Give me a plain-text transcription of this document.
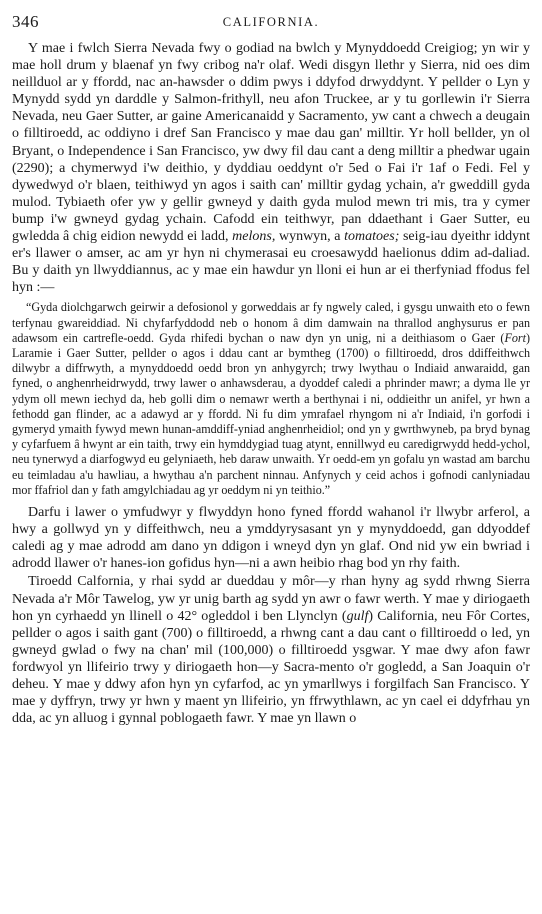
346	CALIFORNIA.

Y mae i fwlch Sierra Nevada fwy o godiad na bwlch y Mynyddoedd Creigiog; yn wir y mae holl drum y blaenaf yn fwy cribog na'r olaf. Wedi disgyn llethr y Sierra, nid oes dim neillduol ar y ffordd, nac an-hawsder o ddim pwys i ddyfod drwyddynt. Y pellder o Lyn y Mynydd sydd yn darddle y Salmon-frithyll, neu afon Truckee, ar y tu gorllewin i'r Sierra Nevada, neu Gaer Sutter, ar gaine Americanaidd y Sacramento, yw cant a chwech a deugain o filltiroedd, ac oddiyno i dref San Francisco y mae dau gan' milltir. Yr holl bellder, yn ol Bryant, o Independence i San Francisco, yw dwy fil dau cant a deng milltir a phedwar ugain (2290); a chymerwyd i'w deithio, y dyddiau oeddynt o'r 5ed o Fai i'r 1af o Fedi. Fel y dywedwyd o'r blaen, teithiwyd yn agos i saith can' milltir gydag ychain, a'r gweddill gyda mulod. Tybiaeth ofer yw y gellir gwneyd y daith gyda mulod mewn tri mis, tra y cymer bump i'w gwneyd gydag ychain. Cafodd ein teithwyr, pan ddaethant i Gaer Sutter, eu gwledda â chig eidion newydd ei ladd, melons, wynwyn, a tomatoes; seig-iau dyeithr iddynt er's llawer o amser, ac am yr hyn ni chymerasai eu croesawydd haelionus ddim ad-daliad. Bu y daith yn llwyddiannus, ac y mae ein hawdur yn lloni ei hun ar ei therfyniad ffodus fel hyn :—

“Gyda diolchgarwch geirwir a defosionol y gorweddais ar fy ngwely caled, i gysgu unwaith eto o fewn terfynau gwareiddiad. Ni chyfarfyddodd neb o honom â dim damwain na thrallod anghysurus er pan adawsom ein cartrefle-oedd. Gyda rhifedi bychan o naw dyn yn unig, ni a deithiasom o Gaer (Fort) Laramie i Gaer Sutter, pellder o agos i ddau cant ar bymtheg (1700) o filltiroedd, dros ddiffeithwch dilwybr a diffrwyth, a mynyddoedd oedd bron yn anhygyrch; trwy lwythau o Indiaid anwaraidd, gan fyned, o anghenrheidrwydd, trwy lawer o anhawsderau, a dyoddef caledi a phrinder mawr; a dyma lle yr ydym oll mewn iechyd da, heb golli dim o nemawr werth a berthynai i ni, oddieithr un anifel, yr hwn a fethodd gan flinder, ac a adawyd ar y ffordd. Ni fu dim ymrafael rhyngom ni a'r Indiaid, i'n gorfodi i gymeryd ymaith fywyd mewn hunan-amddiff-yniad anghenrheidiol; ond yn y gwrthwyneb, pa bryd bynag y cyfarfuem â hwynt ar ein taith, trwy ein hymddygiad tuag atynt, ennillwyd eu caredigrwydd hedd-ychol, neu tynerwyd a diarfogwyd eu gelyniaeth, heb daraw unwaith. Yr oedd-em yn gofalu yn wastad am barchu eu teimladau a'u hawliau, a hwythau a'n parchent ninnau. Anfynych y ceid achos i gofnodi canlyniadau mor ffafriol dan y fath amgylchiadau ag yr oeddym ni yn teithio.”

Darfu i lawer o ymfudwyr y flwyddyn hono fyned ffordd wahanol i'r llwybr arferol, a hwy a gollwyd yn y diffeithwch, neu a ymddyrysasant yn y mynyddoedd, gan ddyoddef caledi ag y mae adrodd am dano yn ddigon i wneyd dyn yn glaf. Ond nid yw ein bwriad i adrodd llawer o'r hanes-ion gofidus hyn—ni a awn heibio rhag bod yn rhy faith.

Tiroedd Calfornia, y rhai sydd ar dueddau y môr—y rhan hyny ag sydd rhwng Sierra Nevada a'r Môr Tawelog, yw yr unig barth ag sydd yn awr o fawr werth. Y mae y diriogaeth hon yn cyrhaedd yn llinell o 42° ogleddol i ben Llynclyn (gulf) California, neu Fôr Cortes, pellder o agos i saith gant (700) o filltiroedd, a rhwng cant a dau cant o filltiroedd o led, yn gwneyd gwlad o fwy na chan' mil (100,000) o filltiroedd ysgwar. Y mae dwy afon fawr fordwyol yn llifeirio trwy y diriogaeth hon—y Sacra-mento o'r gogledd, a San Joaquin o'r deheu. Y mae y ddwy afon hyn yn cyfarfod, ac yn ymarllwys i forgilfach San Francisco. Y mae y dyffryn, trwy yr hwn y maent yn llifeirio, yn ffrwythlawn, ac yn cael ei ddyfrhau yn dda, ac yn alluog i gynnal poblogaeth fawr. Y mae yn llawn o
